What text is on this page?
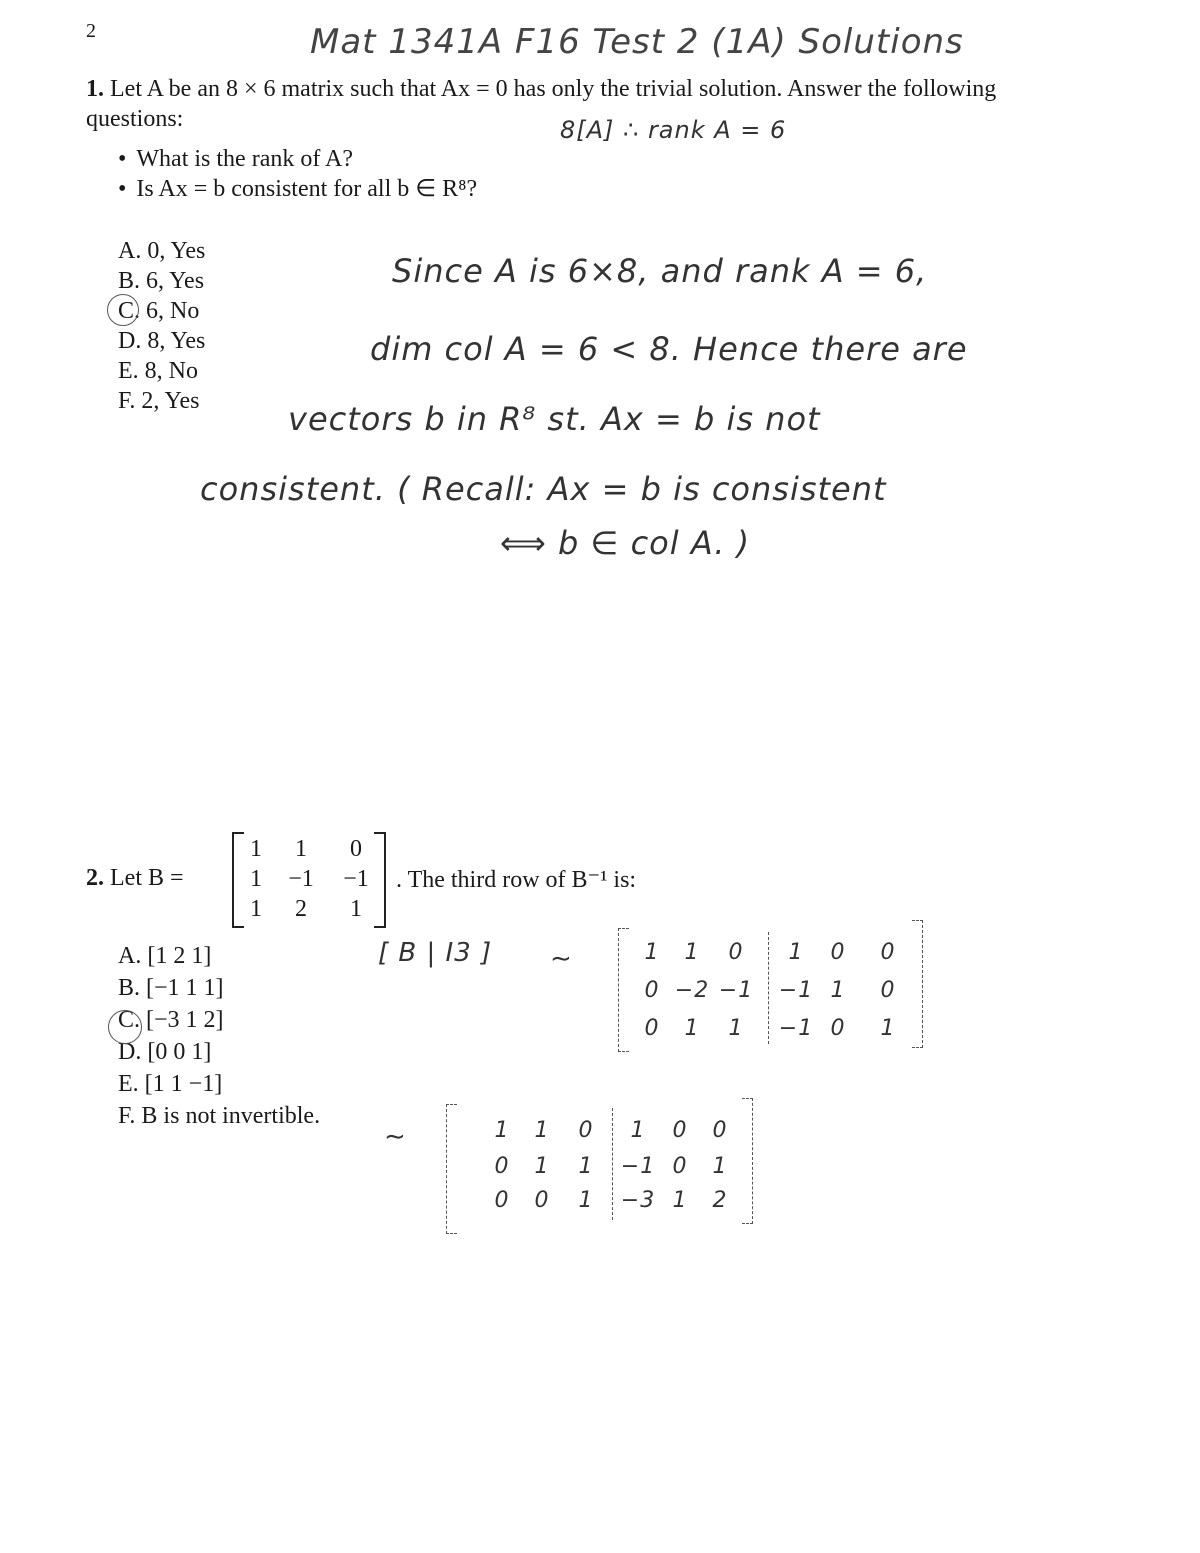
2	Mat 1341A F16 Test 2 (1A) Solutions
1. Let A be an 8 × 6 matrix such that Ax = 0 has only the trivial solution. Answer the following
questions:
• What is the rank of A?
• Is Ax = b consistent for all b ∈ R⁸?
8[A] ∴ rank A = 6
A. 0, Yes
B. 6, Yes
C. 6, No
D. 8, Yes
E. 8, No
F. 2, Yes
Since A is 6×8, and rank A = 6,
dim col A = 6 < 8. Hence there are
vectors b in R⁸ st. Ax = b is not
consistent. ( Recall: Ax = b is consistent
⟺ b ∈ col A. )
2. Let B =
1	1	0
1	−1	−1
1	2	1
. The third row of B⁻¹ is:
A. [1 2 1]
B. [−1 1 1]
C. [−3 1 2]
D. [0 0 1]
E. [1 1 −1]
F. B is not invertible.
[ B | I3 ] ∼	1	1	0	1	0	0
0 −2 −1 −1 1	0
0	1	1	−1 0	1
∼	1	1	0	1	0	0
0	1	1	−1 0	1
0	0	1	−3 1	2
